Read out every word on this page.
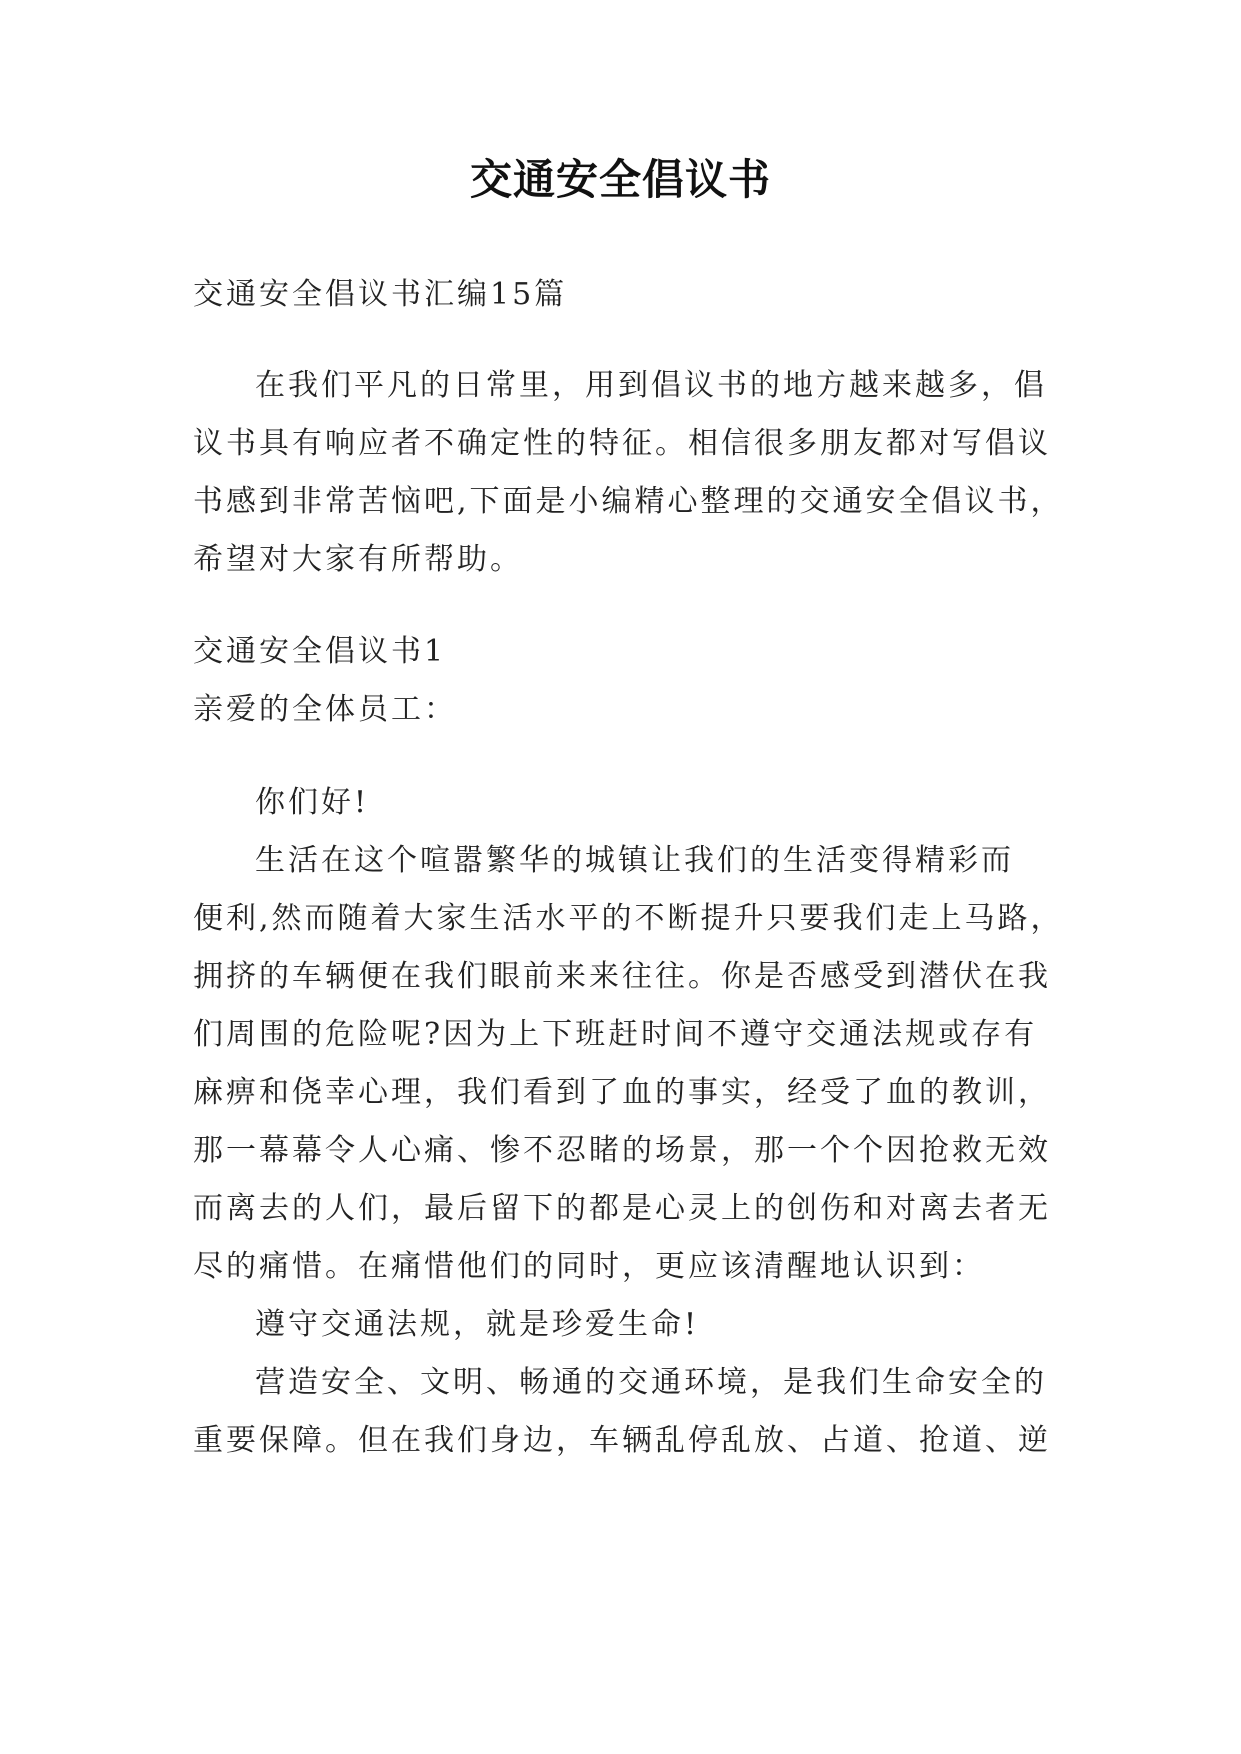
交通安全倡议书
交通安全倡议书汇编15篇
在我们平凡的日常里，用到倡议书的地方越来越多，倡
议书具有响应者不确定性的特征。相信很多朋友都对写倡议
书感到非常苦恼吧,下面是小编精心整理的交通安全倡议书，
希望对大家有所帮助。
交通安全倡议书1
亲爱的全体员工：
你们好!
生活在这个喧嚣繁华的城镇让我们的生活变得精彩而
便利,然而随着大家生活水平的不断提升只要我们走上马路，
拥挤的车辆便在我们眼前来来往往。你是否感受到潜伏在我
们周围的危险呢?因为上下班赶时间不遵守交通法规或存有
麻痹和侥幸心理，我们看到了血的事实，经受了血的教训，
那一幕幕令人心痛、惨不忍睹的场景，那一个个因抢救无效
而离去的人们，最后留下的都是心灵上的创伤和对离去者无
尽的痛惜。在痛惜他们的同时，更应该清醒地认识到：
遵守交通法规，就是珍爱生命!
营造安全、文明、畅通的交通环境，是我们生命安全的
重要保障。但在我们身边，车辆乱停乱放、占道、抢道、逆
